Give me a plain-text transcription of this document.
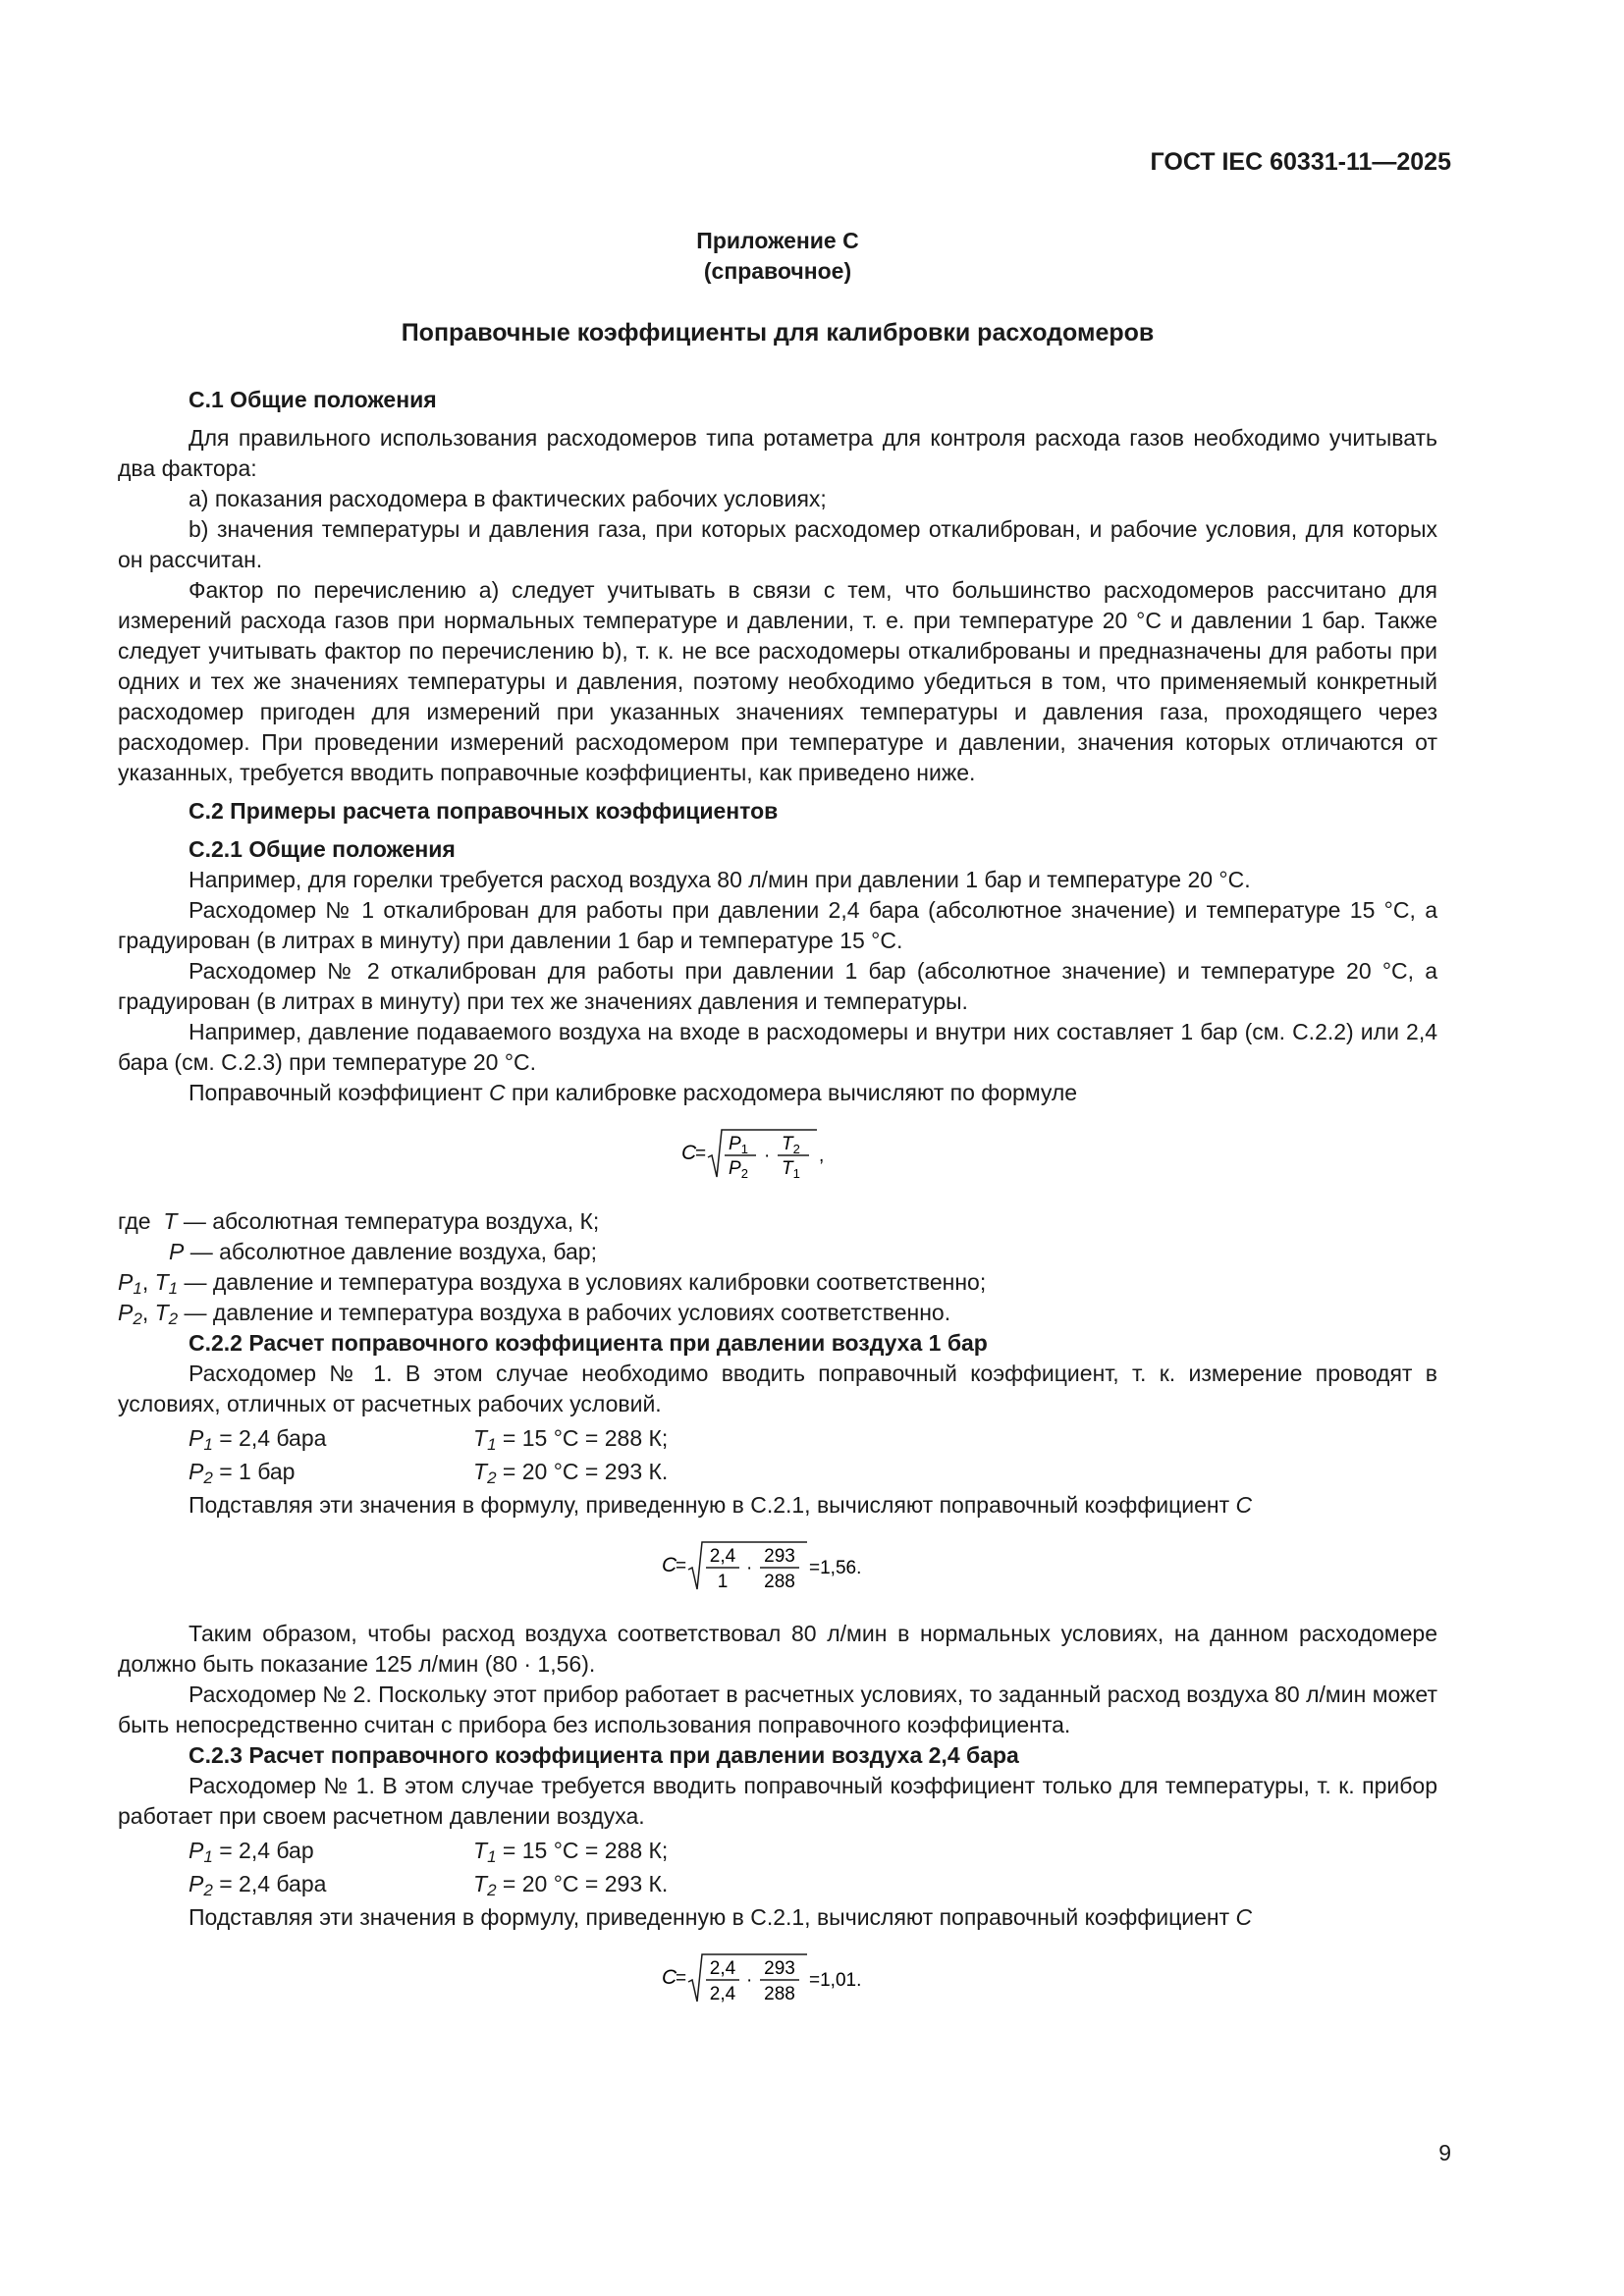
ГОСТ IEC 60331-11—2025
Приложение С
(справочное)
Поправочные коэффициенты для калибровки расходомеров

С.1 Общие положения

Для правильного использования расходомеров типа ротаметра для контроля расхода газов необходимо учитывать два фактора:

a) показания расходомера в фактических рабочих условиях;

b) значения температуры и давления газа, при которых расходомер откалиброван, и рабочие условия, для которых он рассчитан.

Фактор по перечислению a) следует учитывать в связи с тем, что большинство расходомеров рассчитано для измерений расхода газов при нормальных температуре и давлении, т. е. при температуре 20 °С и давлении 1 бар. Также следует учитывать фактор по перечислению b), т. к. не все расходомеры откалиброваны и предназначены для работы при одних и тех же значениях температуры и давления, поэтому необходимо убедиться в том, что применяемый конкретный расходомер пригоден для измерений при указанных значениях температуры и давления газа, проходящего через расходомер. При проведении измерений расходомером при температуре и давлении, значения которых отличаются от указанных, требуется вводить поправочные коэффициенты, как приведено ниже.

С.2 Примеры расчета поправочных коэффициентов

С.2.1 Общие положения

Например, для горелки требуется расход воздуха 80 л/мин при давлении 1 бар и температуре 20 °С.

Расходомер № 1 откалиброван для работы при давлении 2,4 бара (абсолютное значение) и температуре 15 °С, а градуирован (в литрах в минуту) при давлении 1 бар и температуре 15 °С.

Расходомер № 2 откалиброван для работы при давлении 1 бар (абсолютное значение) и температуре 20 °С, а градуирован (в литрах в минуту) при тех же значениях давления и температуры.

Например, давление подаваемого воздуха на входе в расходомеры и внутри них составляет 1 бар (см. С.2.2) или 2,4 бара (см. С.2.3) при температуре 20 °С.

Поправочный коэффициент C при калибровке расходомера вычисляют по формуле

C
= $P_1$
$P_2$
·
$T_2$
$T_1$
,

где T — абсолютная температура воздуха, К;

P — абсолютное давление воздуха, бар;

$P_1$, $T_1$ — давление и температура воздуха в условиях калибровки соответственно;

$P_2$, $T_2$ — давление и температура воздуха в рабочих условиях соответственно.

С.2.2 Расчет поправочного коэффициента при давлении воздуха 1 бар

Расходомер № 1. В этом случае необходимо вводить поправочный коэффициент, т. к. измерение проводят в условиях, отличных от расчетных рабочих условий.

$P_1 = 2,4$ бара	$T_1 = 15$ °С = 288 К;
$P_2 = 1$ бар	$T_2 = 20$ °С = 293 К.

Подставляя эти значения в формулу, приведенную в С.2.1, вычисляют поправочный коэффициент C

C
= 2,4
1
·
293
288
=1,56.

Таким образом, чтобы расход воздуха соответствовал 80 л/мин в нормальных условиях, на данном расходомере должно быть показание 125 л/мин (80 · 1,56).

Расходомер № 2. Поскольку этот прибор работает в расчетных условиях, то заданный расход воздуха 80 л/мин может быть непосредственно считан с прибора без использования поправочного коэффициента.

С.2.3 Расчет поправочного коэффициента при давлении воздуха 2,4 бара

Расходомер № 1. В этом случае требуется вводить поправочный коэффициент только для температуры, т. к. прибор работает при своем расчетном давлении воздуха.

$P_1 = 2,4$ бар	$T_1 = 15$ °С = 288 К;
$P_2 = 2,4$ бара	$T_2 = 20$ °С = 293 К.

Подставляя эти значения в формулу, приведенную в С.2.1, вычисляют поправочный коэффициент C

C
= 2,4
2,4
·
293
288
=1,01.
9
